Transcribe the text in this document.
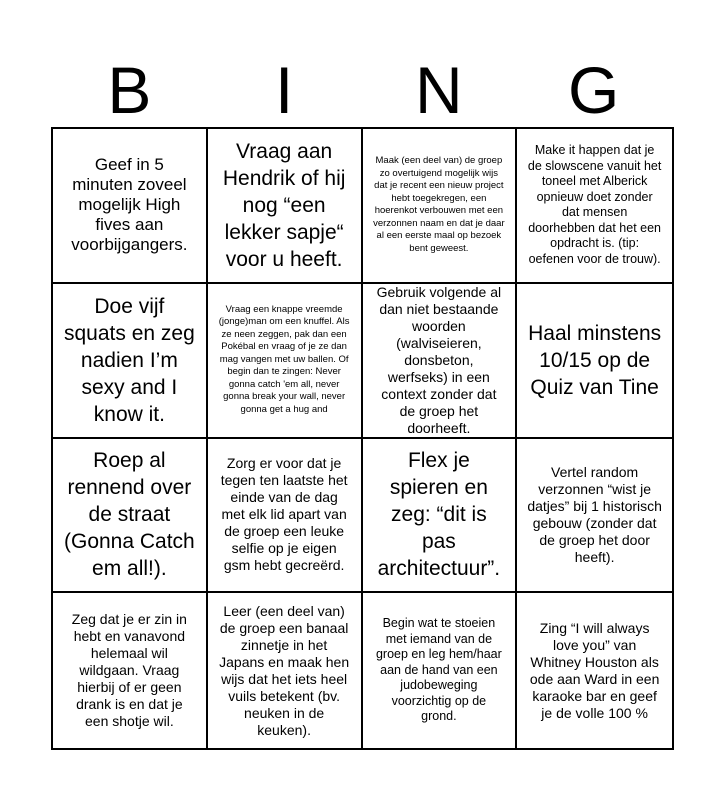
B	I	N	G
Geef in 5 minuten zoveel mogelijk High fives aan voorbijgangers.
Vraag aan Hendrik of hij nog “een lekker sapje“ voor u heeft.
Maak (een deel van) de groep zo overtuigend mogelijk wijs dat je recent een nieuw project hebt toegekregen, een hoerenkot verbouwen met een verzonnen naam en dat je daar al een eerste maal op bezoek bent geweest.
Make it happen dat je de slowscene vanuit het toneel met Alberick opnieuw doet zonder dat mensen doorhebben dat het een opdracht is. (tip: oefenen voor de trouw).
Doe vijf squats en zeg nadien I’m sexy and I know it.
Vraag een knappe vreemde (jonge)man om een knuffel. Als ze neen zeggen, pak dan een Pokébal en vraag of je ze dan mag vangen met uw ballen. Of begin dan te zingen: Never gonna catch 'em all, never gonna break your wall, never gonna get a hug and
Gebruik volgende al dan niet bestaande woorden (walviseieren, donsbeton, werfseks) in een context zonder dat de groep het doorheeft.
Haal minstens 10/15 op de Quiz van Tine
Roep al rennend over de straat (Gonna Catch em all!).
Zorg er voor dat je tegen ten laatste het einde van de dag met elk lid apart van de groep een leuke selfie op je eigen gsm hebt gecreërd.
Flex je spieren en zeg: “dit is pas architectuur”.
Vertel random verzonnen “wist je datjes” bij 1 historisch gebouw (zonder dat de groep het door heeft).
Zeg dat je er zin in hebt en vanavond helemaal wil wildgaan. Vraag hierbij of er geen drank is en dat je een shotje wil.
Leer (een deel van) de groep een banaal zinnetje in het Japans en maak hen wijs dat het iets heel vuils betekent (bv. neuken in de keuken).
Begin wat te stoeien met iemand van de groep en leg hem/haar aan de hand van een judobeweging voorzichtig op de grond.
Zing “I will always love you” van Whitney Houston als ode aan Ward in een karaoke bar en geef je de volle 100 %
